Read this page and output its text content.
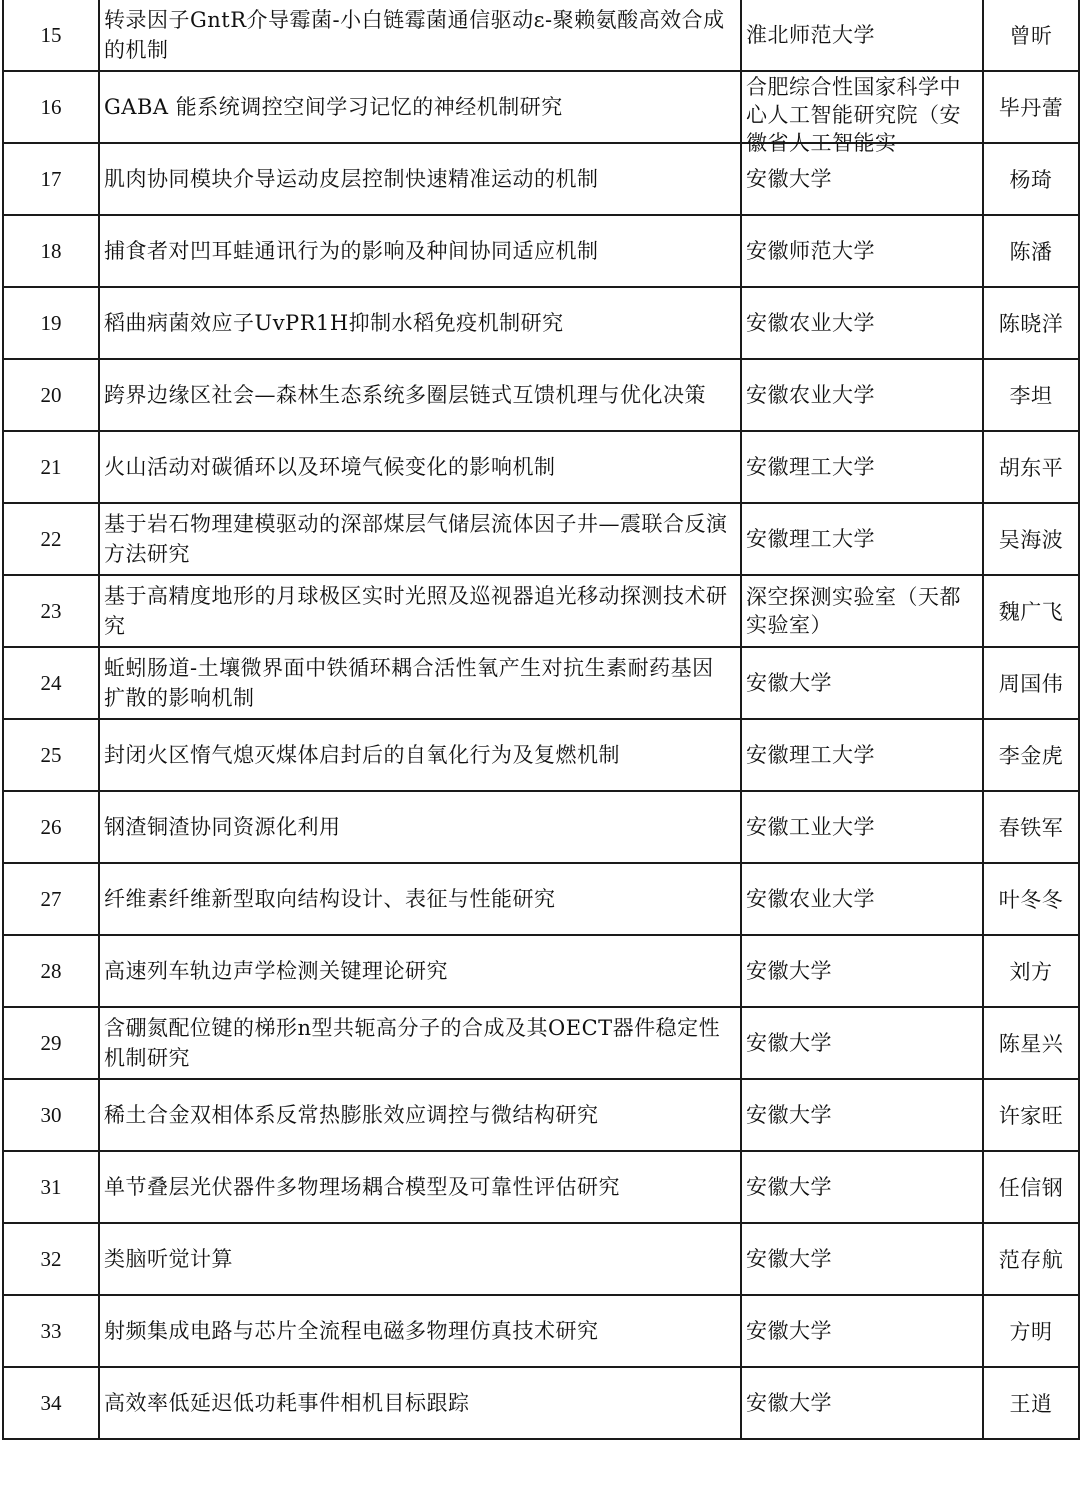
15	转录因子GntR介导霉菌-小白链霉菌通信驱动ε-聚赖氨酸高效合成的机制	淮北师范大学	曾昕
16	GABA 能系统调控空间学习记忆的神经机制研究	合肥综合性国家科学中心人工智能研究院（安徽省人工智能实	毕丹蕾
17	肌肉协同模块介导运动皮层控制快速精准运动的机制	安徽大学	杨琦
18	捕食者对凹耳蛙通讯行为的影响及种间协同适应机制	安徽师范大学	陈潘
19	稻曲病菌效应子UvPR1H抑制水稻免疫机制研究	安徽农业大学	陈晓洋
20	跨界边缘区社会—森林生态系统多圈层链式互馈机理与优化决策	安徽农业大学	李坦
21	火山活动对碳循环以及环境气候变化的影响机制	安徽理工大学	胡东平
22	基于岩石物理建模驱动的深部煤层气储层流体因子井—震联合反演方法研究	安徽理工大学	吴海波
23	基于高精度地形的月球极区实时光照及巡视器追光移动探测技术研究	深空探测实验室（天都实验室）	魏广飞
24	蚯蚓肠道-土壤微界面中铁循环耦合活性氧产生对抗生素耐药基因扩散的影响机制	安徽大学	周国伟
25	封闭火区惰气熄灭煤体启封后的自氧化行为及复燃机制	安徽理工大学	李金虎
26	钢渣铜渣协同资源化利用	安徽工业大学	春铁军
27	纤维素纤维新型取向结构设计、表征与性能研究	安徽农业大学	叶冬冬
28	高速列车轨边声学检测关键理论研究	安徽大学	刘方
29	含硼氮配位键的梯形n型共轭高分子的合成及其OECT器件稳定性机制研究	安徽大学	陈星兴
30	稀土合金双相体系反常热膨胀效应调控与微结构研究	安徽大学	许家旺
31	单节叠层光伏器件多物理场耦合模型及可靠性评估研究	安徽大学	任信钢
32	类脑听觉计算	安徽大学	范存航
33	射频集成电路与芯片全流程电磁多物理仿真技术研究	安徽大学	方明
34	高效率低延迟低功耗事件相机目标跟踪	安徽大学	王逍
